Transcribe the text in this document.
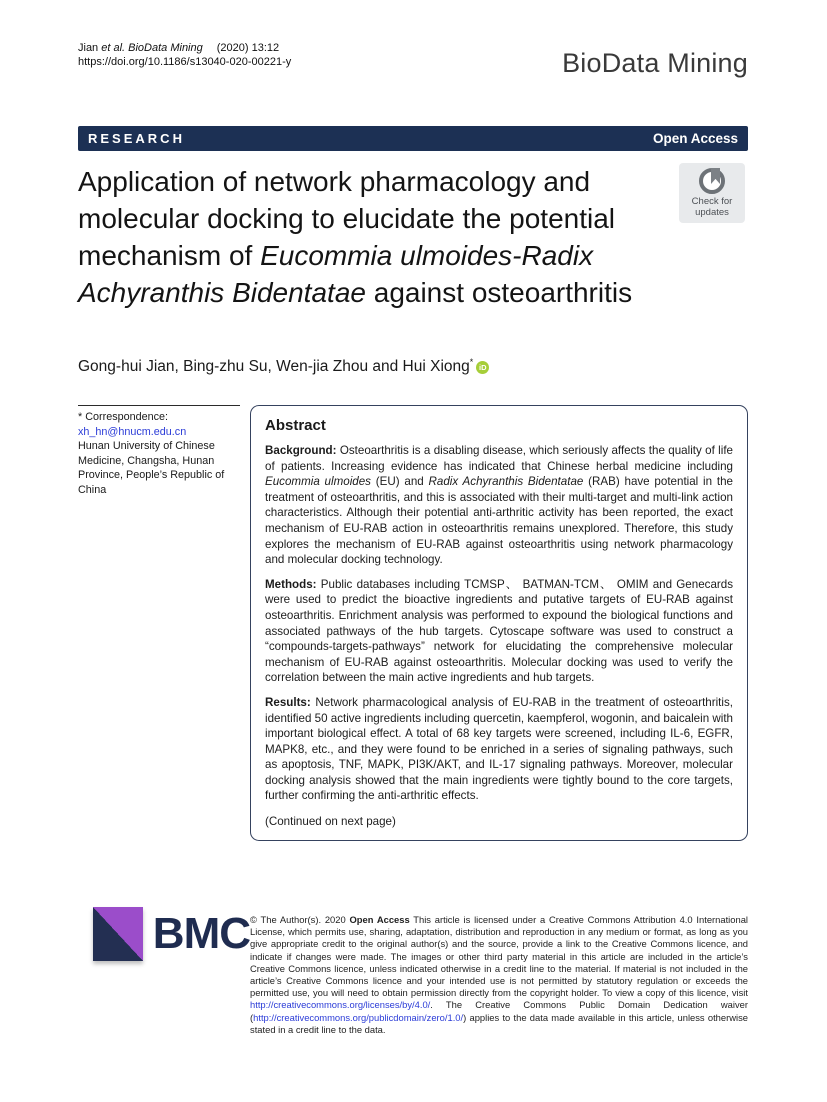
Jian et al. BioData Mining (2020) 13:12
https://doi.org/10.1186/s13040-020-00221-y	BioData Mining
RESEARCH	Open Access
Application of network pharmacology and molecular docking to elucidate the potential mechanism of Eucommia ulmoides-Radix Achyranthis Bidentatae against osteoarthritis
Check for
updates
Gong-hui Jian, Bing-zhu Su, Wen-jia Zhou and Hui Xiong*iD
* Correspondence: xh_hn@hnucm.edu.cn
Hunan University of Chinese Medicine, Changsha, Hunan Province, People’s Republic of China
Abstract

Background: Osteoarthritis is a disabling disease, which seriously affects the quality of life of patients. Increasing evidence has indicated that Chinese herbal medicine including Eucommia ulmoides (EU) and Radix Achyranthis Bidentatae (RAB) have potential in the treatment of osteoarthritis, and this is associated with their multi-target and multi-link action characteristics. Although their potential anti-arthritic activity has been reported, the exact mechanism of EU-RAB action in osteoarthritis remains unexplored. Therefore, this study explores the mechanism of EU-RAB against osteoarthritis using network pharmacology and molecular docking technology.

Methods: Public databases including TCMSP、 BATMAN-TCM、 OMIM and Genecards were used to predict the bioactive ingredients and putative targets of EU-RAB against osteoarthritis. Enrichment analysis was performed to expound the biological functions and associated pathways of the hub targets. Cytoscape software was used to construct a “compounds-targets-pathways” network for elucidating the comprehensive molecular mechanism of EU-RAB against osteoarthritis. Molecular docking was used to verify the correlation between the main active ingredients and hub targets.

Results: Network pharmacological analysis of EU-RAB in the treatment of osteoarthritis, identified 50 active ingredients including quercetin, kaempferol, wogonin, and baicalein with important biological effect. A total of 68 key targets were screened, including IL-6, EGFR, MAPK8, etc., and they were found to be enriched in a series of signaling pathways, such as apoptosis, TNF, MAPK, PI3K/AKT, and IL-17 signaling pathways. Moreover, molecular docking analysis showed that the main ingredients were tightly bound to the core targets, further confirming the anti-arthritic effects.

(Continued on next page)

BMC © The Author(s). 2020 Open Access This article is licensed under a Creative Commons Attribution 4.0 International License, which permits use, sharing, adaptation, distribution and reproduction in any medium or format, as long as you give appropriate credit to the original author(s) and the source, provide a link to the Creative Commons licence, and indicate if changes were made. The images or other third party material in this article are included in the article’s Creative Commons licence, unless indicated otherwise in a credit line to the material. If material is not included in the article’s Creative Commons licence and your intended use is not permitted by statutory regulation or exceeds the permitted use, you will need to obtain permission directly from the copyright holder. To view a copy of this licence, visit http://creativecommons.org/licenses/by/4.0/. The Creative Commons Public Domain Dedication waiver (http://creativecommons.org/publicdomain/zero/1.0/) applies to the data made available in this article, unless otherwise stated in a credit line to the data.
